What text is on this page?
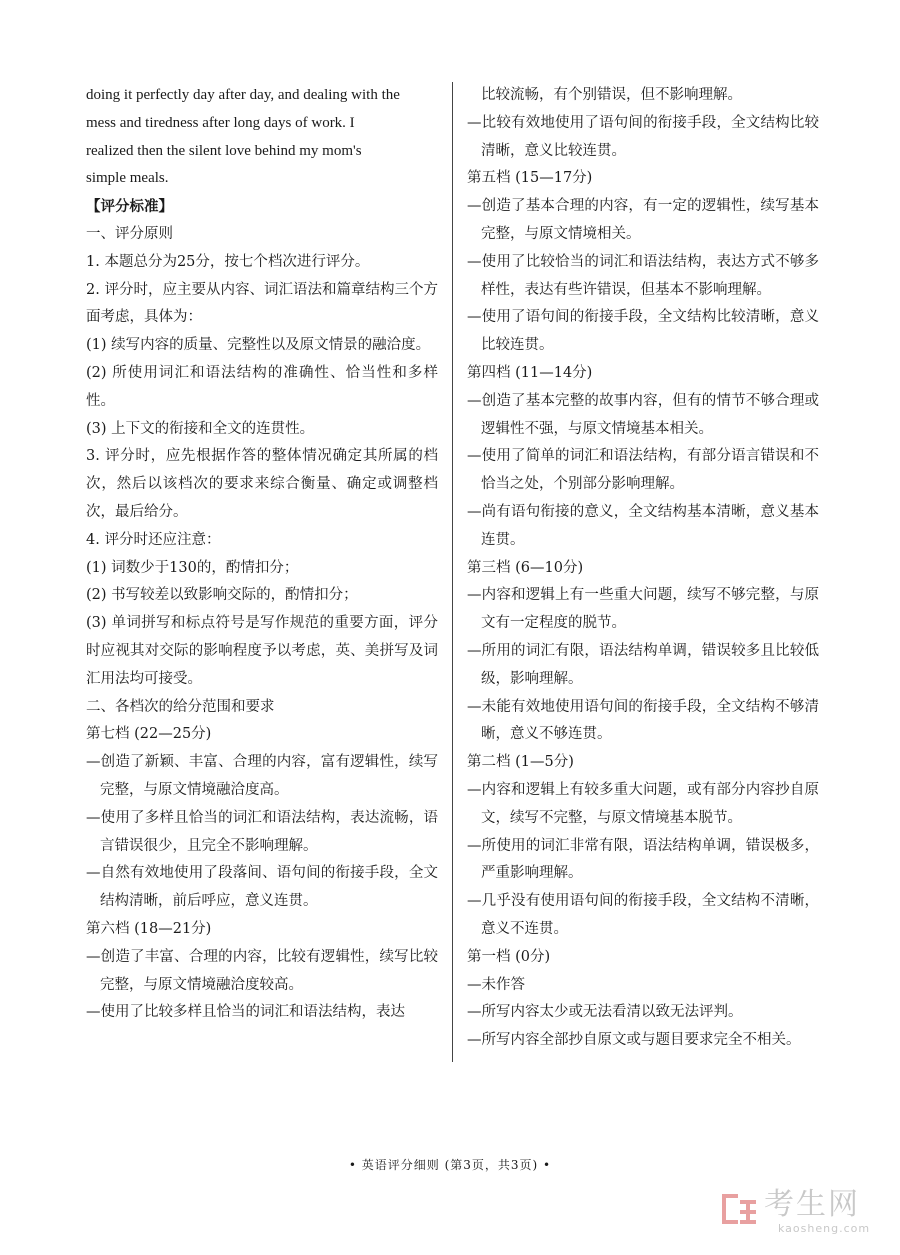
doing it perfectly day after day, and dealing with the

mess and tiredness after long days of work. I

realized then the silent love behind my mom's

simple meals.

【评分标准】

一、评分原则

1. 本题总分为25分，按七个档次进行评分。

2. 评分时，应主要从内容、词汇语法和篇章结构三个方面考虑，具体为：

(1) 续写内容的质量、完整性以及原文情景的融洽度。

(2) 所使用词汇和语法结构的准确性、恰当性和多样性。

(3) 上下文的衔接和全文的连贯性。

3. 评分时，应先根据作答的整体情况确定其所属的档次，然后以该档次的要求来综合衡量、确定或调整档次，最后给分。

4. 评分时还应注意：

(1) 词数少于130的，酌情扣分；

(2) 书写较差以致影响交际的，酌情扣分；

(3) 单词拼写和标点符号是写作规范的重要方面，评分时应视其对交际的影响程度予以考虑，英、美拼写及词汇用法均可接受。

二、各档次的给分范围和要求

第七档 (22—25分)

—创造了新颖、丰富、合理的内容，富有逻辑性，续写完整，与原文情境融洽度高。

—使用了多样且恰当的词汇和语法结构，表达流畅，语言错误很少，且完全不影响理解。

—自然有效地使用了段落间、语句间的衔接手段，全文结构清晰，前后呼应，意义连贯。

第六档 (18—21分)

—创造了丰富、合理的内容，比较有逻辑性，续写比较完整，与原文情境融洽度较高。

—使用了比较多样且恰当的词汇和语法结构，表达

比较流畅，有个别错误，但不影响理解。

—比较有效地使用了语句间的衔接手段，全文结构比较清晰，意义比较连贯。

第五档 (15—17分)

—创造了基本合理的内容，有一定的逻辑性，续写基本完整，与原文情境相关。

—使用了比较恰当的词汇和语法结构，表达方式不够多样性，表达有些许错误，但基本不影响理解。

—使用了语句间的衔接手段，全文结构比较清晰，意义比较连贯。

第四档 (11—14分)

—创造了基本完整的故事内容，但有的情节不够合理或逻辑性不强，与原文情境基本相关。

—使用了简单的词汇和语法结构，有部分语言错误和不恰当之处，个别部分影响理解。

—尚有语句衔接的意义，全文结构基本清晰，意义基本连贯。

第三档 (6—10分)

—内容和逻辑上有一些重大问题，续写不够完整，与原文有一定程度的脱节。

—所用的词汇有限，语法结构单调，错误较多且比较低级，影响理解。

—未能有效地使用语句间的衔接手段，全文结构不够清晰，意义不够连贯。

第二档 (1—5分)

—内容和逻辑上有较多重大问题，或有部分内容抄自原文，续写不完整，与原文情境基本脱节。

—所使用的词汇非常有限，语法结构单调，错误极多，严重影响理解。

—几乎没有使用语句间的衔接手段，全文结构不清晰，意义不连贯。

第一档 (0分)

—未作答

—所写内容太少或无法看清以致无法评判。

—所写内容全部抄自原文或与题目要求完全不相关。

• 英语评分细则 (第3页，共3页) •
考生网
kaosheng.com
